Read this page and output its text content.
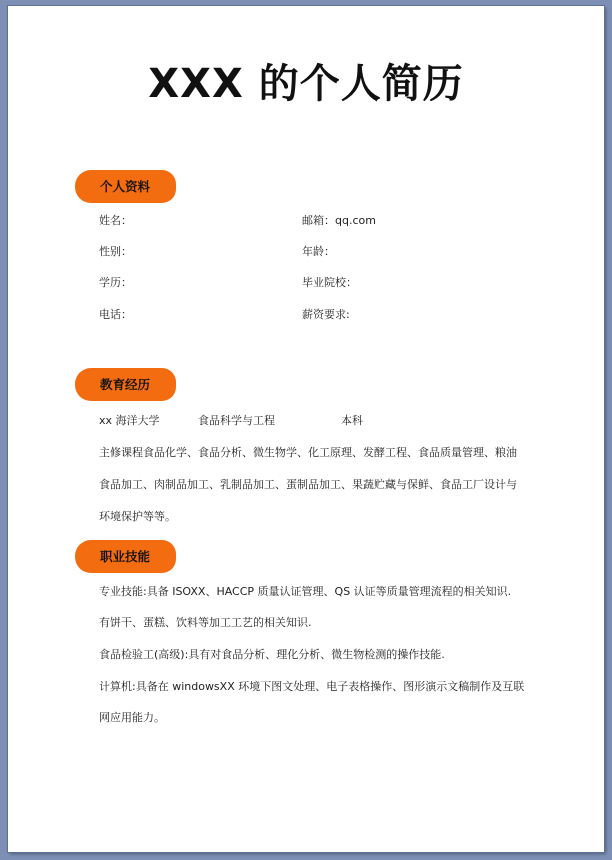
XXX 的个人简历
个人资料
姓名：	邮箱：qq.com
性别：	年龄：
学历：	毕业院校：
电话：	薪资要求:
教育经历
xx 海洋大学	食品科学与工程	本科
主修课程食品化学、食品分析、微生物学、化工原理、发酵工程、食品质量管理、粮油
食品加工、肉制品加工、乳制品加工、蛋制品加工、果蔬贮藏与保鲜、食品工厂设计与
环境保护等等。
职业技能
专业技能:具备 ISOXX、HACCP 质量认证管理、QS 认证等质量管理流程的相关知识.
有饼干、蛋糕、饮料等加工工艺的相关知识.
食品检验工(高级):具有对食品分析、理化分析、微生物检测的操作技能.
计算机:具备在 windowsXX 环境下图文处理、电子表格操作、图形演示文稿制作及互联
网应用能力。
